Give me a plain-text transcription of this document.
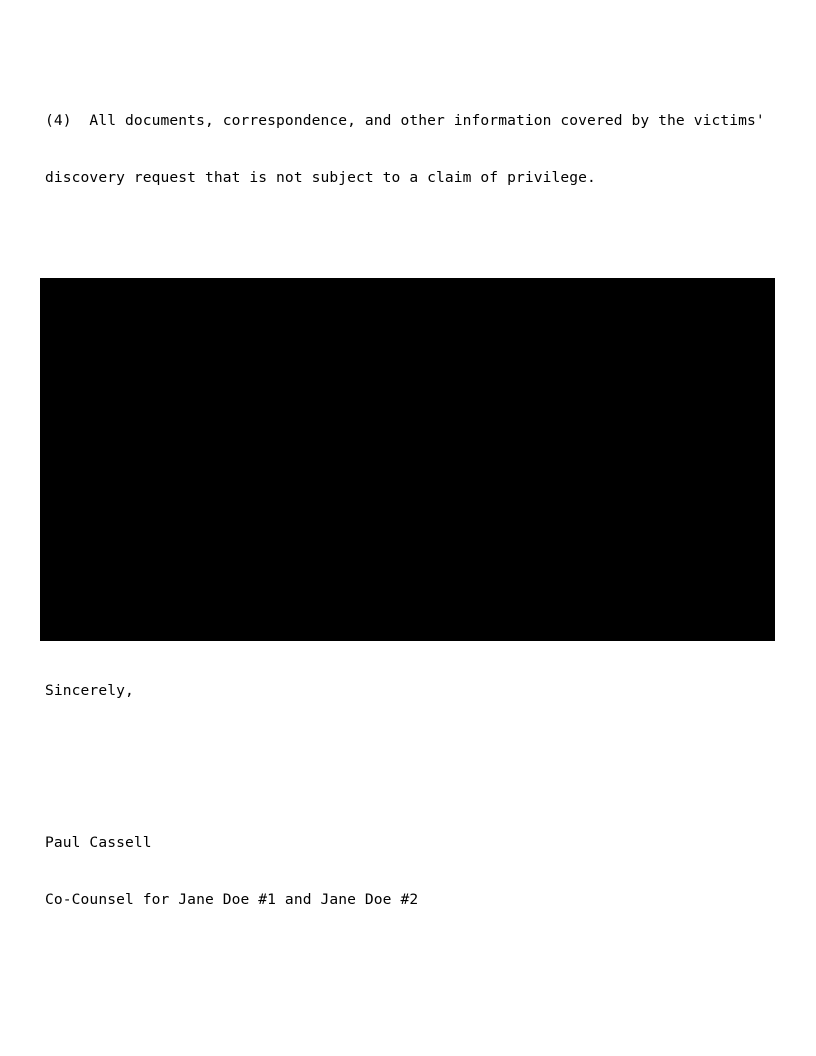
(4)  All documents, correspondence, and other information covered by the victims'

discovery request that is not subject to a claim of privilege.

Sincerely,

Paul Cassell

Co-Counsel for Jane Doe #1 and Jane Doe #2
